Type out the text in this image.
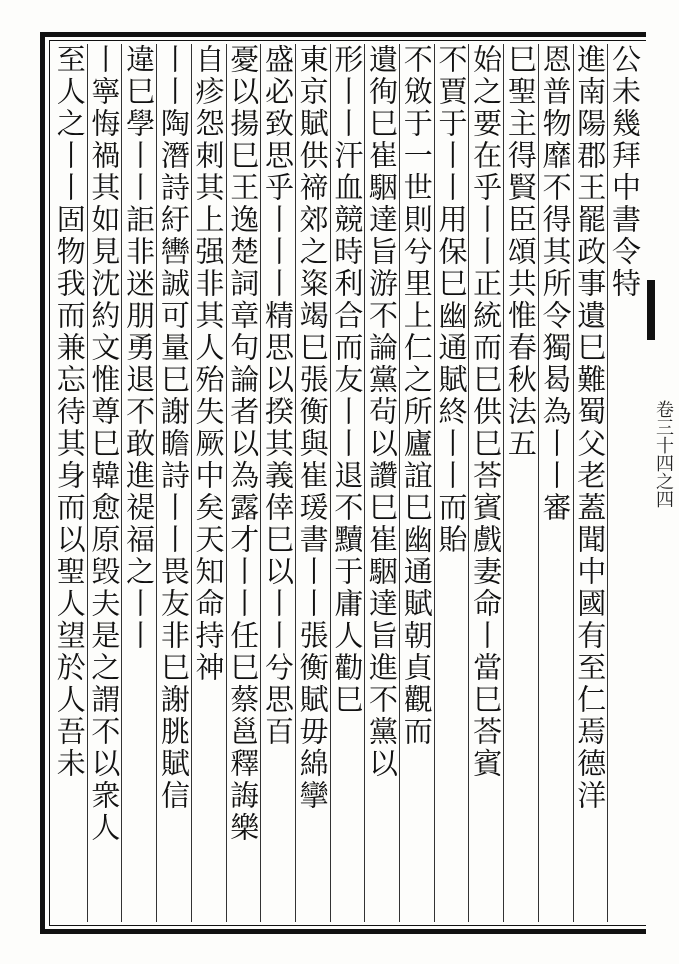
公未幾拜中書令特
進南陽郡王罷政事遺巳難蜀父老蓋聞中國有至仁焉德洋
恩普物靡不得其所令獨曷為丨丨審
巳聖主得賢臣頌共惟春秋法五
始之要在乎丨丨正統而巳供巳荅賓戲妻命丨當巳荅賓
不賈于丨丨用保巳幽通賦終丨丨而貽
不敓于一世則兮里上仁之所廬誼巳幽通賦朝貞觀而
遺徇巳崔駰達旨游不論黨茍以讚巳崔駰達旨進不黨以
形丨丨汗血競時利合而友丨丨退不黷于庸人勸巳
東京賦供禘郊之粢竭巳張衡與崔瑗書丨丨張衡賦毋綿攣
盛必致思乎丨丨丨精思以揆其義倖巳以丨丨兮思百
憂以揚巳王逸楚詞章句論者以為露才丨丨任巳蔡邕釋誨樂
自疹怨刺其上强非其人殆失厥中矣天知命持神
丨丨陶潛詩紆轡誠可量巳謝瞻詩丨丨畏友非巳謝朓賦信
違巳學丨丨詎非迷朋勇退不敢進禔福之丨丨
丨寧悔禍其如見沈約文惟尊巳韓愈原毁夫是之謂不以衆人
至人之丨丨固物我而兼忘待其身而以聖人望於人吾未	卷三十四之四
